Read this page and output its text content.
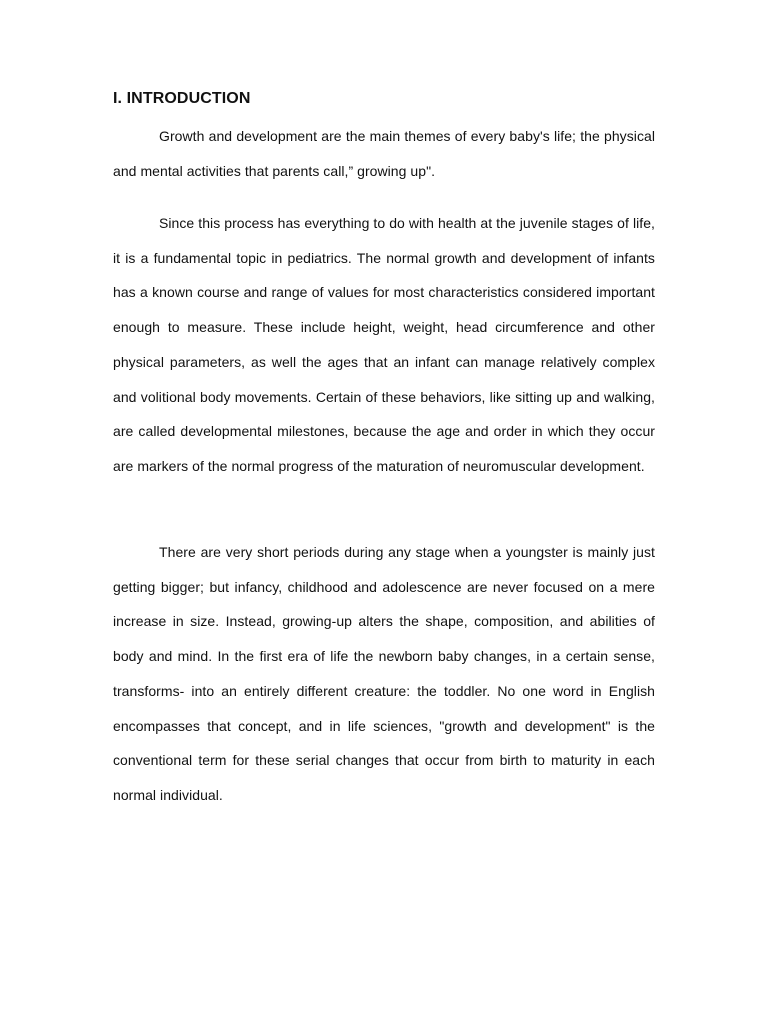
I. INTRODUCTION

Growth and development are the main themes of every baby's life; the physical and mental activities that parents call,” growing up".

Since this process has everything to do with health at the juvenile stages of life, it is a fundamental topic in pediatrics. The normal growth and development of infants has a known course and range of values for most characteristics considered important enough to measure. These include height, weight, head circumference and other physical parameters, as well the ages that an infant can manage relatively complex and volitional body movements. Certain of these behaviors, like sitting up and walking, are called developmental milestones, because the age and order in which they occur are markers of the normal progress of the maturation of neuromuscular development.

There are very short periods during any stage when a youngster is mainly just getting bigger; but infancy, childhood and adolescence are never focused on a mere increase in size. Instead, growing-up alters the shape, composition, and abilities of body and mind. In the first era of life the newborn baby changes, in a certain sense, transforms- into an entirely different creature: the toddler. No one word in English encompasses that concept, and in life sciences, "growth and development" is the conventional term for these serial changes that occur from birth to maturity in each normal individual.
